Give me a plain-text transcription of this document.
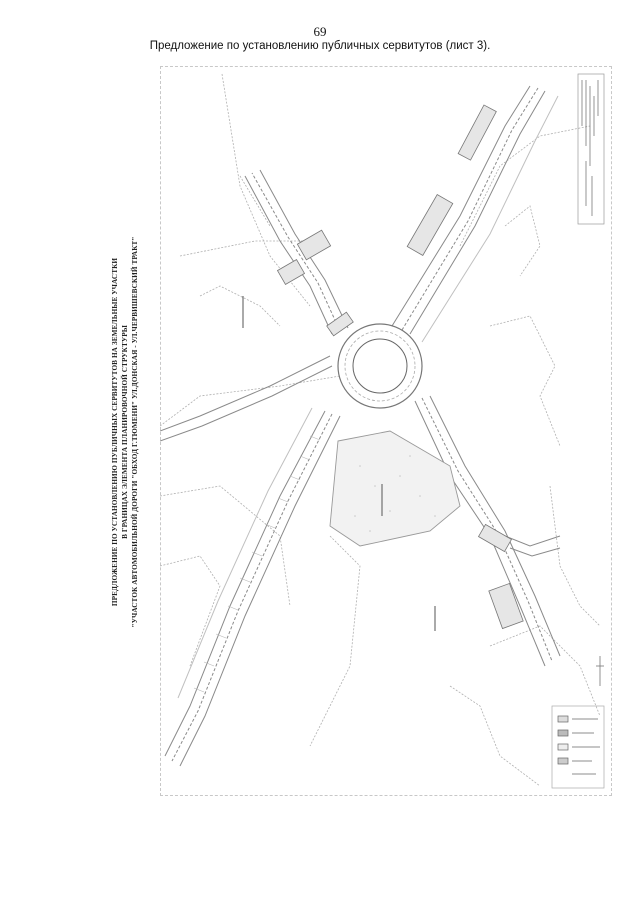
69
Предложение по установлению публичных сервитутов (лист 3).
ПРЕДЛОЖЕНИЕ ПО УСТАНОВЛЕНИЮ ПУБЛИЧНЫХ СЕРВИТУТОВ НА ЗЕМЕЛЬНЫЕ УЧАСТКИ В ГРАНИЦАХ ЭЛЕМЕНТА ПЛАНИРОВОЧНОЙ СТРУКТУРЫ "УЧАСТОК АВТОМОБИЛЬНОЙ ДОРОГИ "ОБХОД Г.ТЮМЕНИ" УЛ.ДОНСКАЯ - УЛ.ЧЕРВИШЕВСКИЙ ТРАКТ"
